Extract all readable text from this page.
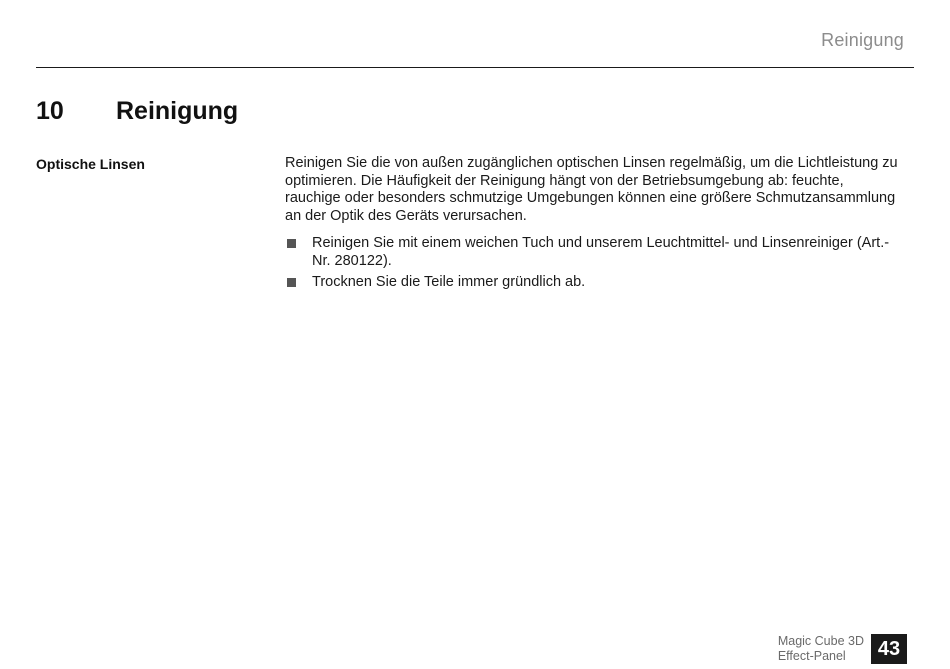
Reinigung
10	Reinigung
Optische Linsen	Reinigen Sie die von außen zugänglichen optischen Linsen regelmäßig, um die Lichtleistung zu optimieren. Die Häufigkeit der Reinigung hängt von der Betriebsumgebung ab: feuchte, rauchige oder besonders schmutzige Umgebungen können eine größere Schmutzansammlung an der Optik des Geräts verursachen.

Reinigen Sie mit einem weichen Tuch und unserem Leuchtmittel- und Linsenreiniger (Art.-Nr. 280122).
Trocknen Sie die Teile immer gründlich ab.
Magic Cube 3D
Effect-Panel	43
